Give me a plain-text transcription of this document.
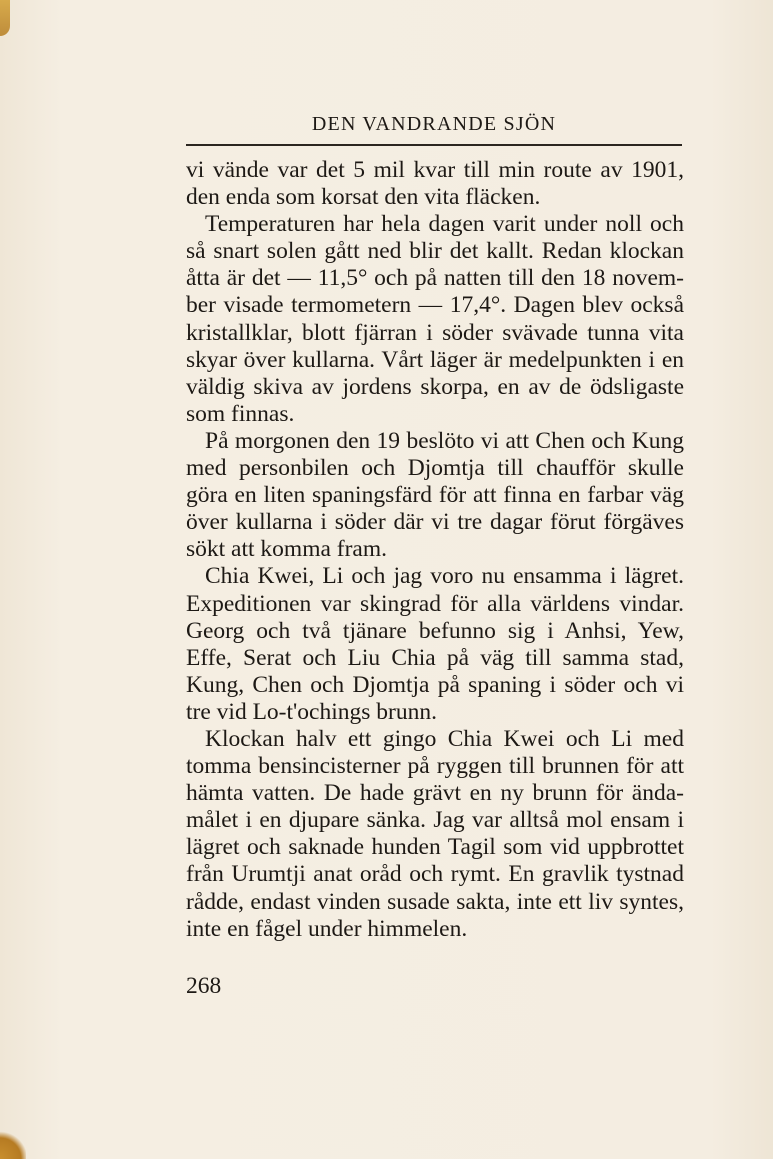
DEN VANDRANDE SJÖN

vi vände var det 5 mil kvar till min route av 1901, den enda som korsat den vita fläcken.

Temperaturen har hela dagen varit under noll och så snart solen gått ned blir det kallt. Redan klockan åtta är det — 11,5° och på natten till den 18 november visade termometern — 17,4°. Dagen blev också kristallklar, blott fjärran i söder svävade tunna vita skyar över kullarna. Vårt läger är medelpunkten i en väldig skiva av jordens skorpa, en av de ödsligaste som finnas.

På morgonen den 19 beslöto vi att Chen och Kung med personbilen och Djomtja till chaufför skulle göra en liten spaningsfärd för att finna en farbar väg över kullarna i söder där vi tre dagar förut förgäves sökt att komma fram.

Chia Kwei, Li och jag voro nu ensamma i lägret. Expeditionen var skingrad för alla världens vindar. Georg och två tjänare befunno sig i Anhsi, Yew, Effe, Serat och Liu Chia på väg till samma stad, Kung, Chen och Djomtja på spaning i söder och vi tre vid Lo-t'ochings brunn.

Klockan halv ett gingo Chia Kwei och Li med tomma bensincisterner på ryggen till brunnen för att hämta vatten. De hade grävt en ny brunn för ändamålet i en djupare sänka. Jag var alltså mol ensam i lägret och saknade hunden Tagil som vid uppbrottet från Urumtji anat oråd och rymt. En gravlik tystnad rådde, endast vinden susade sakta, inte ett liv syntes, inte en fågel under himmelen.

268
